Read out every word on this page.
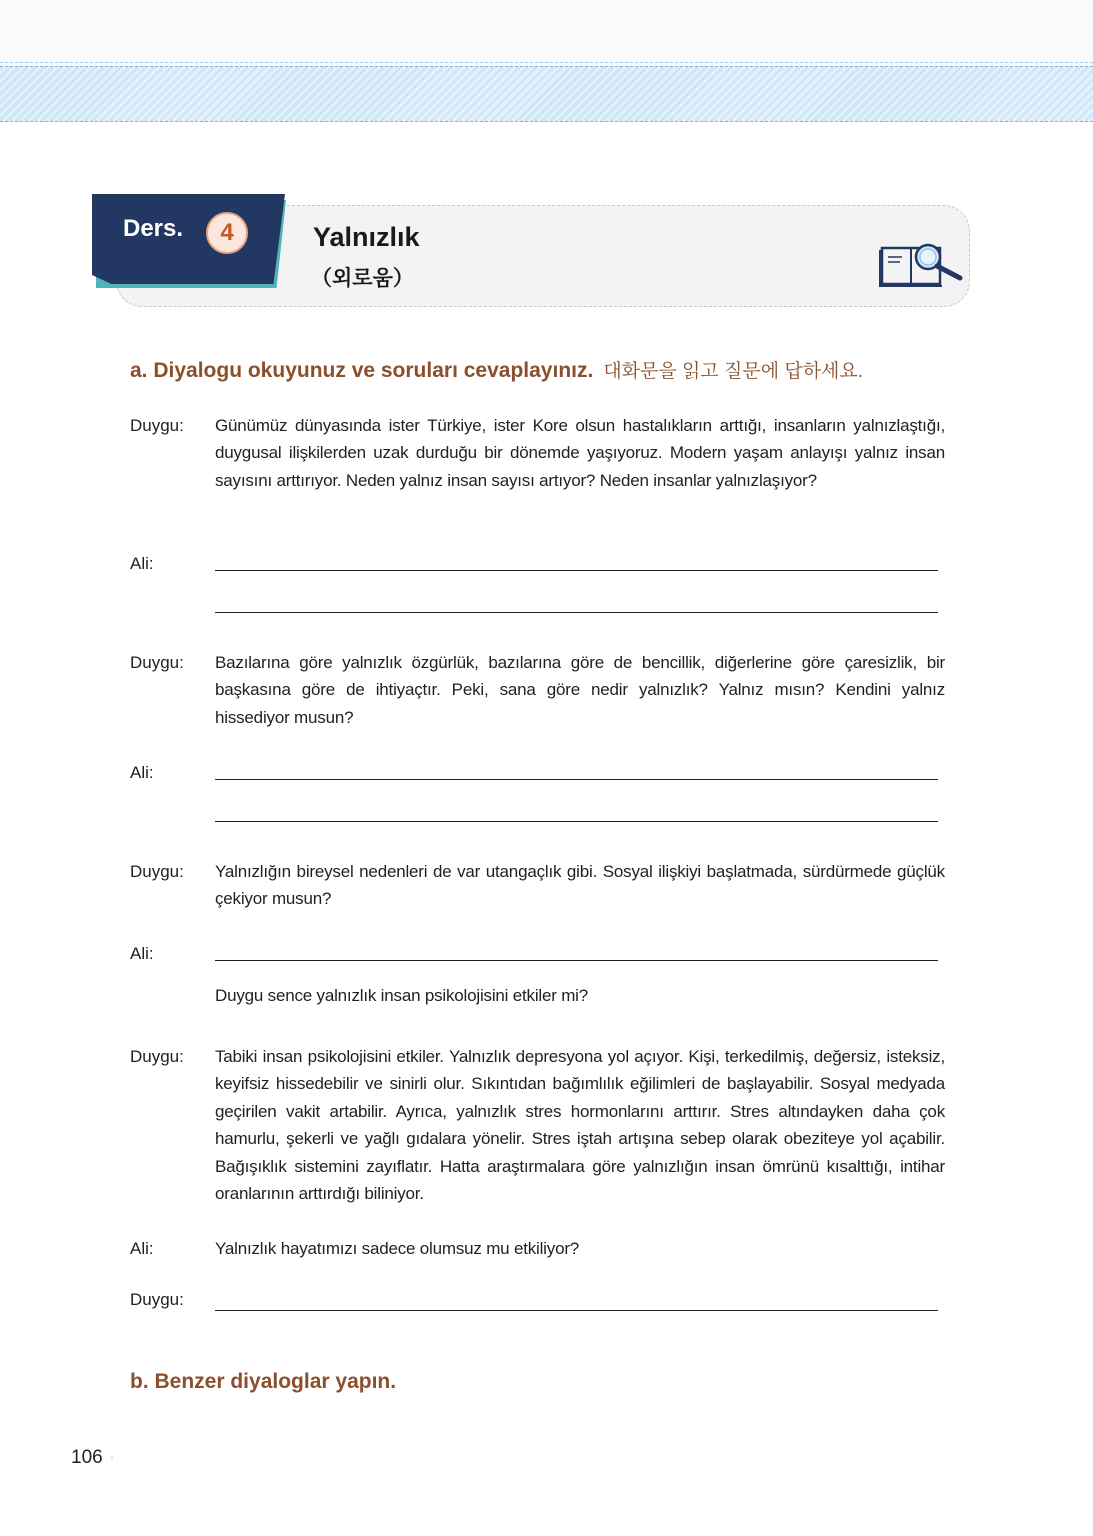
Ders.	4	Yalnızlık
（외로움）
a. Diyalogu okuyunuz ve soruları cevaplayınız. 대화문을 읽고 질문에 답하세요.
Duygu:	Günümüz dünyasında ister Türkiye, ister Kore olsun hastalıkların arttığı, insanların yalnızlaştığı, duygusal ilişkilerden uzak durduğu bir dönemde yaşıyoruz. Modern yaşam anlayışı yalnız insan sayısını arttırıyor. Neden yalnız insan sayısı artıyor? Neden insanlar yalnızlaşıyor?
Ali:
Duygu:	Bazılarına göre yalnızlık özgürlük, bazılarına göre de bencillik, diğerlerine göre çaresizlik, bir başkasına göre de ihtiyaçtır. Peki, sana göre nedir yalnızlık? Yalnız mısın? Kendini yalnız hissediyor musun?
Ali:
Duygu:	Yalnızlığın bireysel nedenleri de var utangaçlık gibi. Sosyal ilişkiyi başlatmada, sürdürmede güçlük çekiyor musun?
Ali:
Duygu sence yalnızlık insan psikolojisini etkiler mi?
Duygu:	Tabiki insan psikolojisini etkiler. Yalnızlık depresyona yol açıyor. Kişi, terkedilmiş, değersiz, isteksiz, keyifsiz hissedebilir ve sinirli olur. Sıkıntıdan bağımlılık eğilimleri de başlayabilir. Sosyal medyada geçirilen vakit artabilir. Ayrıca, yalnızlık stres hormonlarını arttırır. Stres altındayken daha çok hamurlu, şekerli ve yağlı gıdalara yönelir. Stres iştah artışına sebep olarak obeziteye yol açabilir. Bağışıklık sistemini zayıflatır. Hatta araştırmalara göre yalnızlığın insan ömrünü kısalttığı, intihar oranlarının arttırdığı biliniyor.
Ali:	Yalnızlık hayatımızı sadece olumsuz mu etkiliyor?
Duygu:
b. Benzer diyaloglar yapın.
106 ·
